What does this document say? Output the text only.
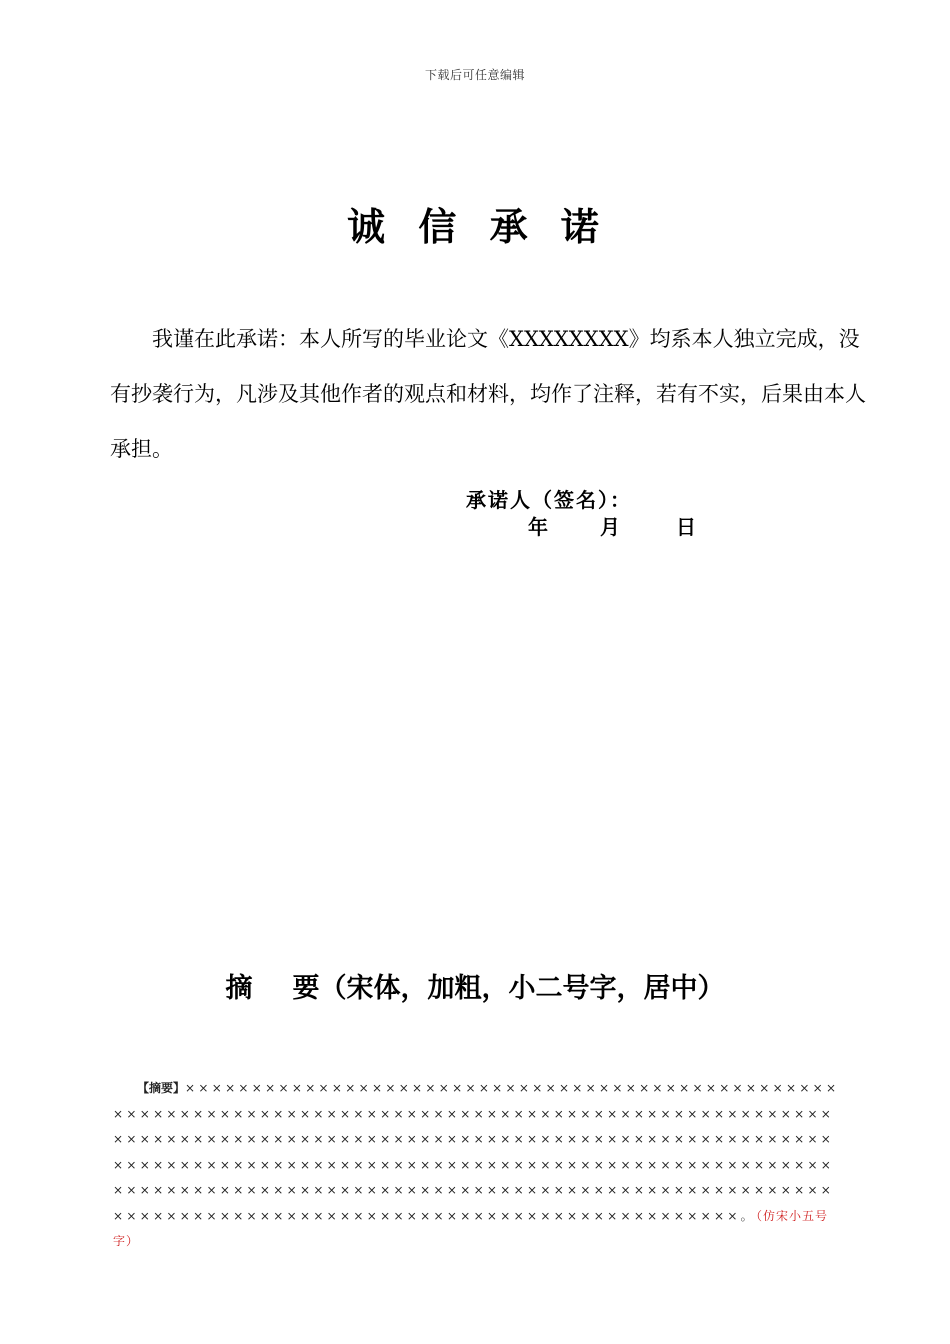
下载后可任意编辑
诚 信 承 诺
我谨在此承诺：本人所写的毕业论文《XXXXXXXX》均系本人独立完成，没有抄袭行为，凡涉及其他作者的观点和材料，均作了注释，若有不实，后果由本人承担。
承诺人（签名）：
年	月	日
摘 要（宋体，加粗，小二号字，居中）
【摘要】××××××××××××××××××××××××××××××××××××××××××××××××××××××××××××××××××××××××××××××××××××××××××××××××××××××××××××××××××××××××××××××××××××××××××××××××××××××××××××××××××××××××××××××××××××××××××××××××××××××××××××××××××××××××××××××××××××××××××××××××××××××××××××××××××××××××××××××××××××××××××××××××××××××××××××××××××××××××。（仿宋小五号字）
